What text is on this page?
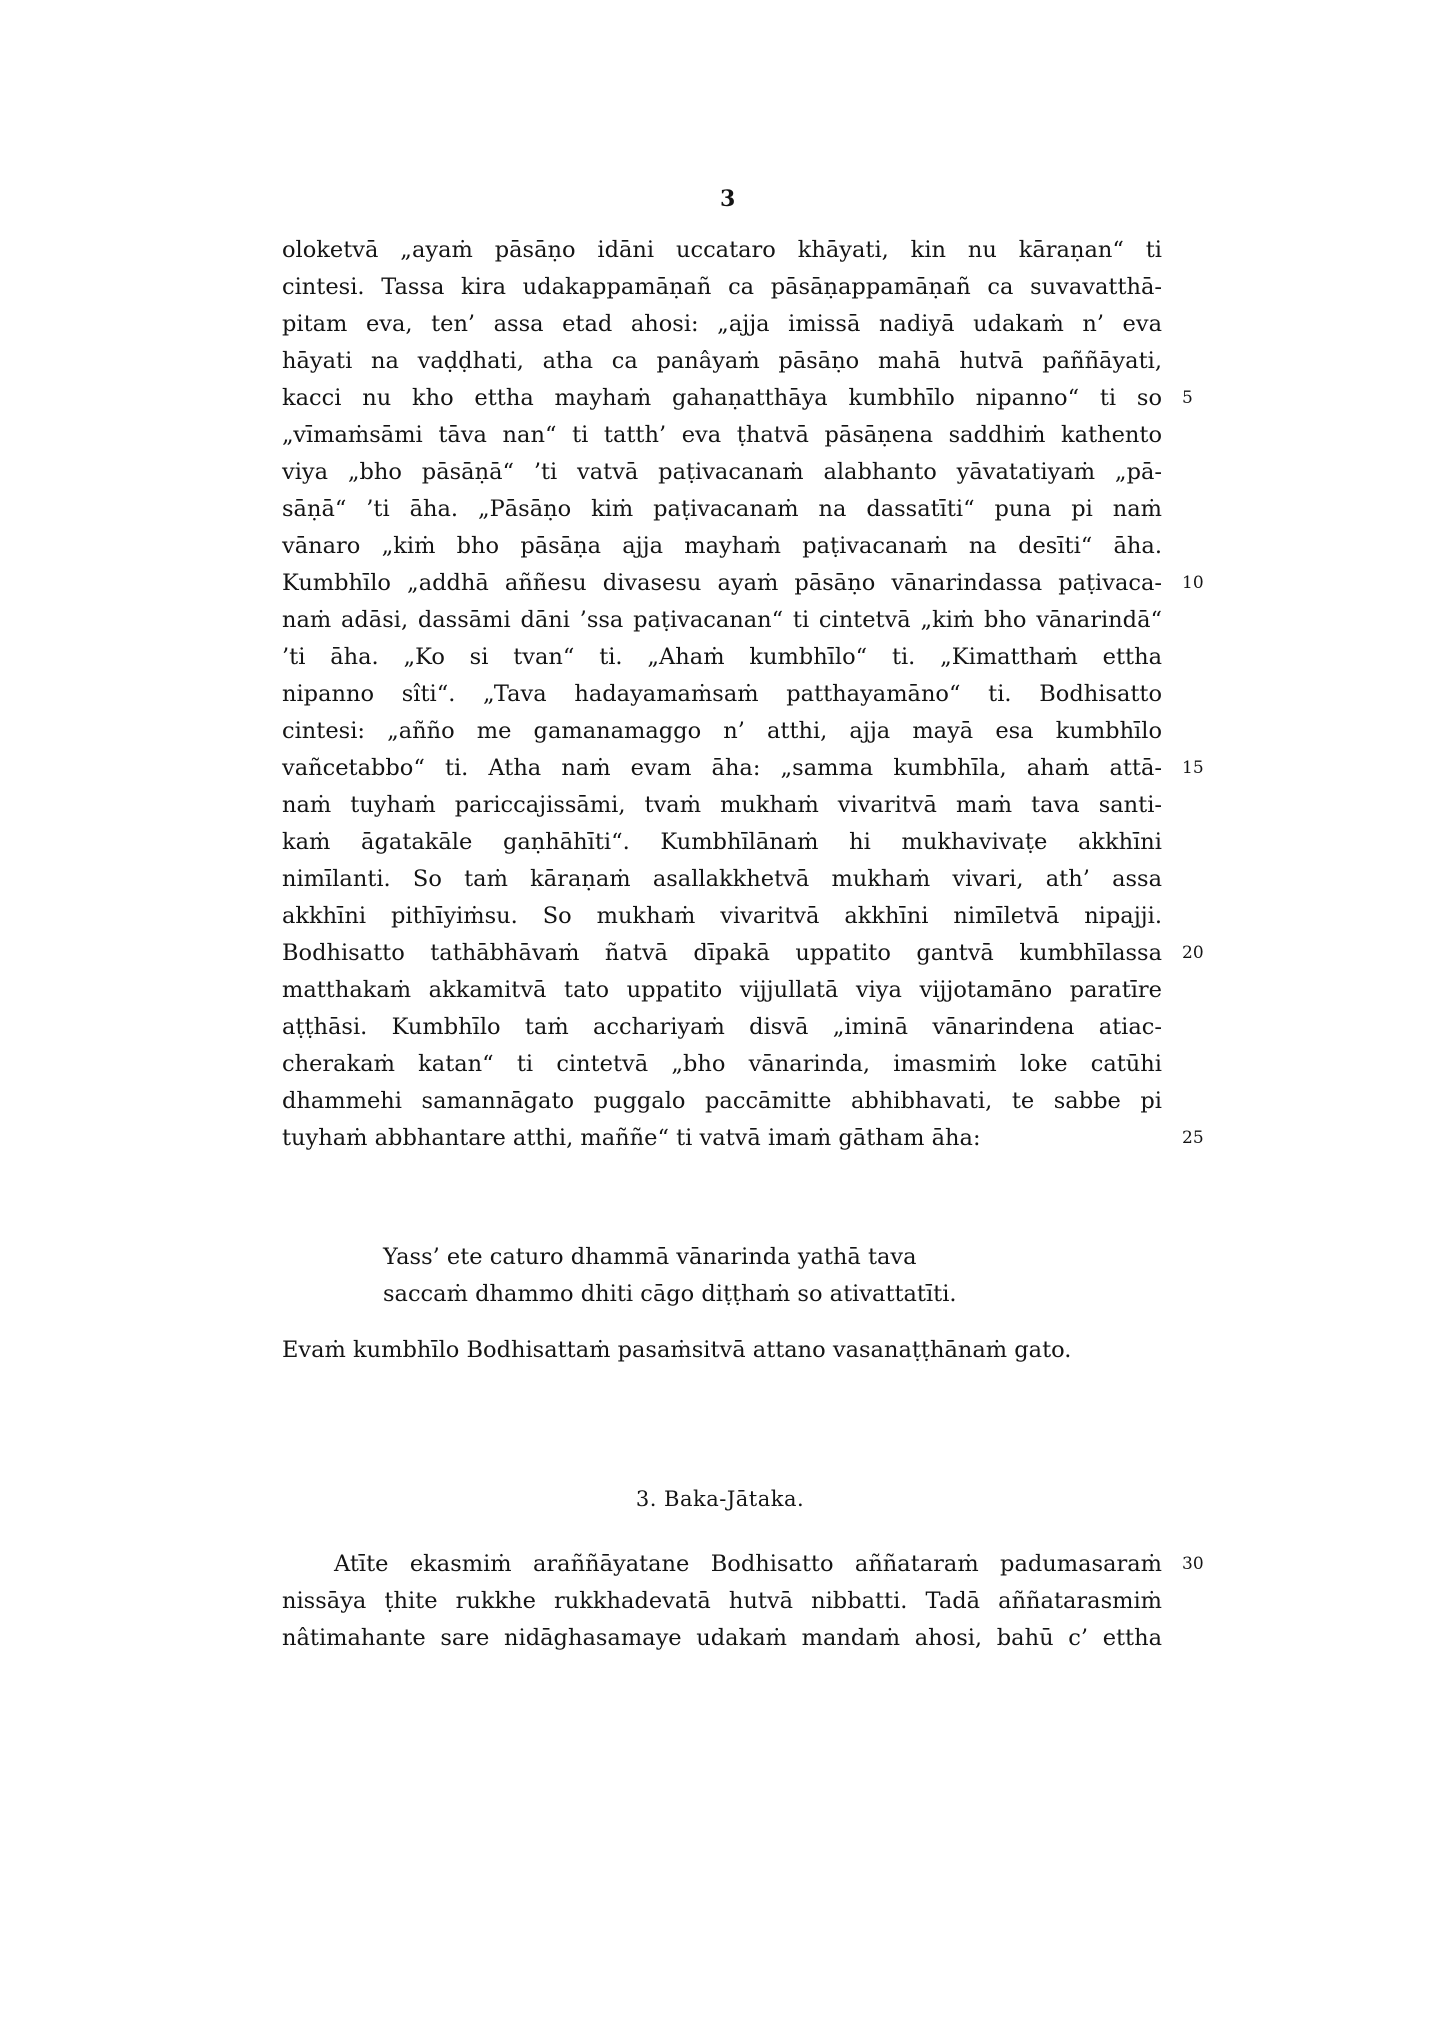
3
oloketvā „ayaṁ pāsāṇo idāni uccataro khāyati, kin nu kāraṇan“ ti
cintesi. Tassa kira udakappamāṇañ ca pāsāṇappamāṇañ ca suvavatthā-
pitam eva, ten’ assa etad ahosi: „ajja imissā nadiyā udakaṁ n’ eva
hāyati na vaḍḍhati, atha ca panâyaṁ pāsāṇo mahā hutvā paññāyati,
kacci nu kho ettha mayhaṁ gahaṇatthāya kumbhīlo nipanno“ ti so 5
„vīmaṁsāmi tāva nan“ ti tatth’ eva ṭhatvā pāsāṇena saddhiṁ kathento
viya „bho pāsāṇā“ ’ti vatvā paṭivacanaṁ alabhanto yāvatatiyaṁ „pā-
sāṇā“ ’ti āha. „Pāsāṇo kiṁ paṭivacanaṁ na dassatīti“ puna pi naṁ
vānaro „kiṁ bho pāsāṇa ajja mayhaṁ paṭivacanaṁ na desīti“ āha.
Kumbhīlo „addhā aññesu divasesu ayaṁ pāsāṇo vānarindassa paṭivaca- 10
naṁ adāsi, dassāmi dāni ’ssa paṭivacanan“ ti cintetvā „kiṁ bho vānarindā“
’ti āha. „Ko si tvan“ ti. „Ahaṁ kumbhīlo“ ti. „Kimatthaṁ ettha
nipanno sîti“. „Tava hadayamaṁsaṁ patthayamāno“ ti. Bodhisatto
cintesi: „añño me gamanamaggo n’ atthi, ajja mayā esa kumbhīlo
vañcetabbo“ ti. Atha naṁ evam āha: „samma kumbhīla, ahaṁ attā- 15
naṁ tuyhaṁ pariccajissāmi, tvaṁ mukhaṁ vivaritvā maṁ tava santi-
kaṁ āgatakāle gaṇhāhīti“. Kumbhīlānaṁ hi mukhavivaṭe akkhīni
nimīlanti. So taṁ kāraṇaṁ asallakkhetvā mukhaṁ vivari, ath’ assa
akkhīni pithīyiṁsu. So mukhaṁ vivaritvā akkhīni nimīletvā nipajji.
Bodhisatto tathābhāvaṁ ñatvā dīpakā uppatito gantvā kumbhīlassa 20
matthakaṁ akkamitvā tato uppatito vijjullatā viya vijjotamāno paratīre
aṭṭhāsi. Kumbhīlo taṁ acchariyaṁ disvā „iminā vānarindena atiac-
cherakaṁ katan“ ti cintetvā „bho vānarinda, imasmiṁ loke catūhi
dhammehi samannāgato puggalo paccāmitte abhibhavati, te sabbe pi
tuyhaṁ abbhantare atthi, maññe“ ti vatvā imaṁ gātham āha:	25
Yass’ ete caturo dhammā vānarinda yathā tava
saccaṁ dhammo dhiti cāgo diṭṭhaṁ so ativattatīti.
Evaṁ kumbhīlo Bodhisattaṁ pasaṁsitvā attano vasanaṭṭhānaṁ gato.
3. Baka-Jātaka.
Atīte ekasmiṁ araññāyatane Bodhisatto aññataraṁ padumasaraṁ 30
nissāya ṭhite rukkhe rukkhadevatā hutvā nibbatti. Tadā aññatarasmiṁ
nâtimahante sare nidāghasamaye udakaṁ mandaṁ ahosi, bahū c’ ettha
